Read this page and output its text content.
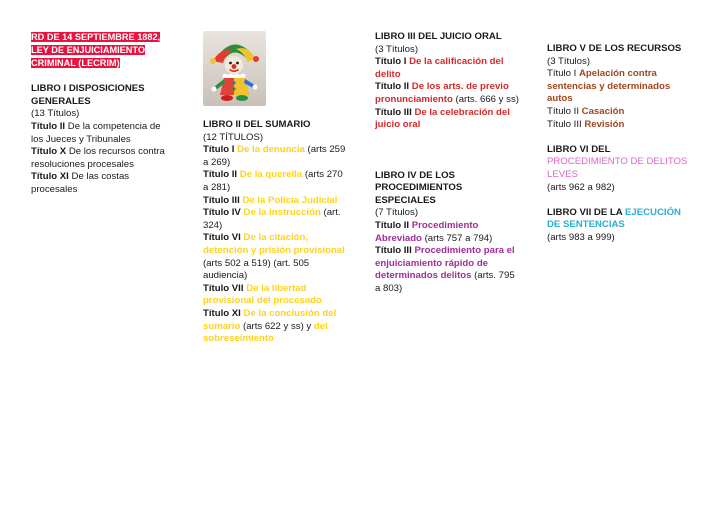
RD DE 14 SEPTIEMBRE 1882, LEY DE ENJUICIAMIENTO CRIMINAL (LECRIM)

LIBRO I DISPOSICIONES GENERALES

(13 Títulos)

Título II De la competencia de los Jueces y Tribunales

Título X De los recursos contra resoluciones procesales

Título XI De las costas procesales

LIBRO II DEL SUMARIO

(12 TÍTULOS)

Título I De la denuncia (arts 259 a 269)

Título II De la querella (arts 270 a 281)

Título III De la Policía Judicial

Título IV De la Instrucción (art. 324)

Título VI De la citación, detención y prisión provisional (arts 502 a 519) (art. 505 audiencia)

Título VII De la libertad provisional del procesado

Título XI De la conclusión del sumario (arts 622 y ss) y del sobreseimiento

LIBRO III DEL JUICIO ORAL

(3 Títulos)

Título I De la calificación del delito

Título II De los arts. de previo pronunciamiento (arts. 666 y ss)

Título III De la celebración del juicio oral

LIBRO IV DE LOS PROCEDIMIENTOS ESPECIALES

(7 Títulos)

Título II Procedimiento Abreviado (arts 757 a 794)

Título III Procedimiento para el enjuiciamiento rápido de determinados delitos (arts. 795 a 803)

LIBRO V DE LOS RECURSOS

(3 Títulos)

Título I Apelación contra sentencias y determinados autos

Título II Casación

Título III Revisión

LIBRO VI DEL
PROCEDIMIENTO DE DELITOS LEVES

(arts 962 a 982)

LIBRO VII DE LA EJECUCIÓN DE SENTENCIAS

(arts 983 a 999)
